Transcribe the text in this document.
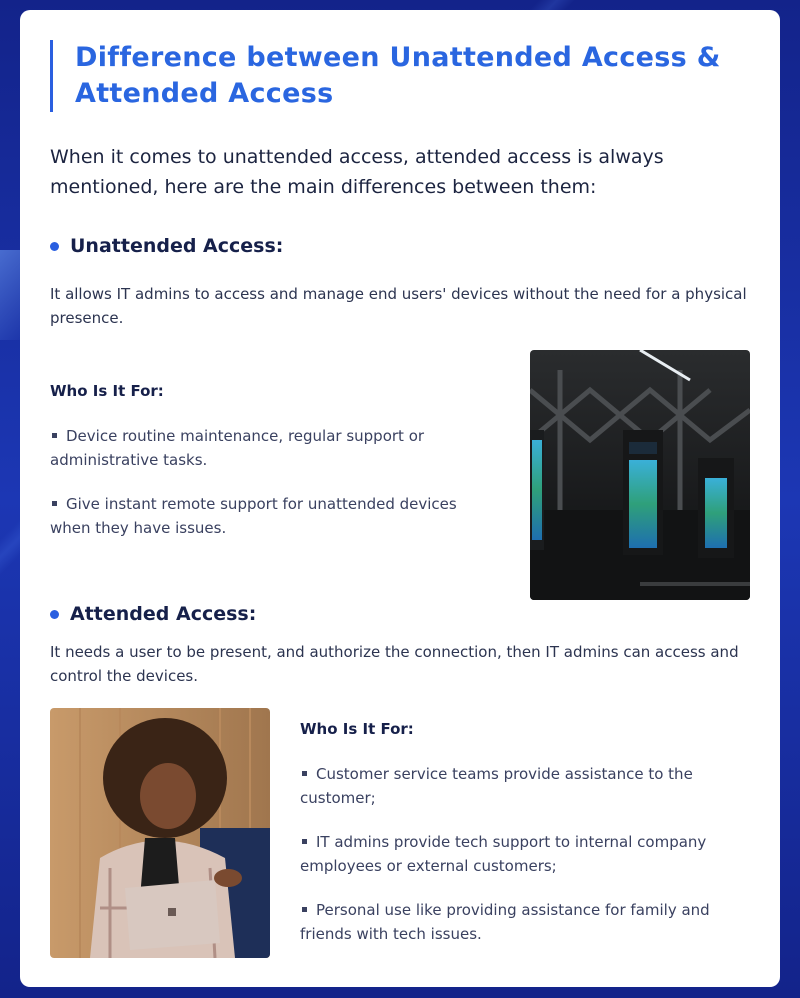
Difference between Unattended Access & Attended Access

When it comes to unattended access, attended access is always mentioned, here are the main differences between them:

Unattended Access:

It allows IT admins to access and manage end users' devices without the need for a physical presence.

Who Is It For:

Device routine maintenance, regular support or administrative tasks.

Give instant remote support for unattended devices when they have issues.

Attended Access:

It needs a user to be present, and authorize the connection, then IT admins can access and control the devices.

Who Is It For:

Customer service teams provide assistance to the customer;

IT admins provide tech support to internal company employees or external customers;

Personal use like providing assistance for family and friends with tech issues.
